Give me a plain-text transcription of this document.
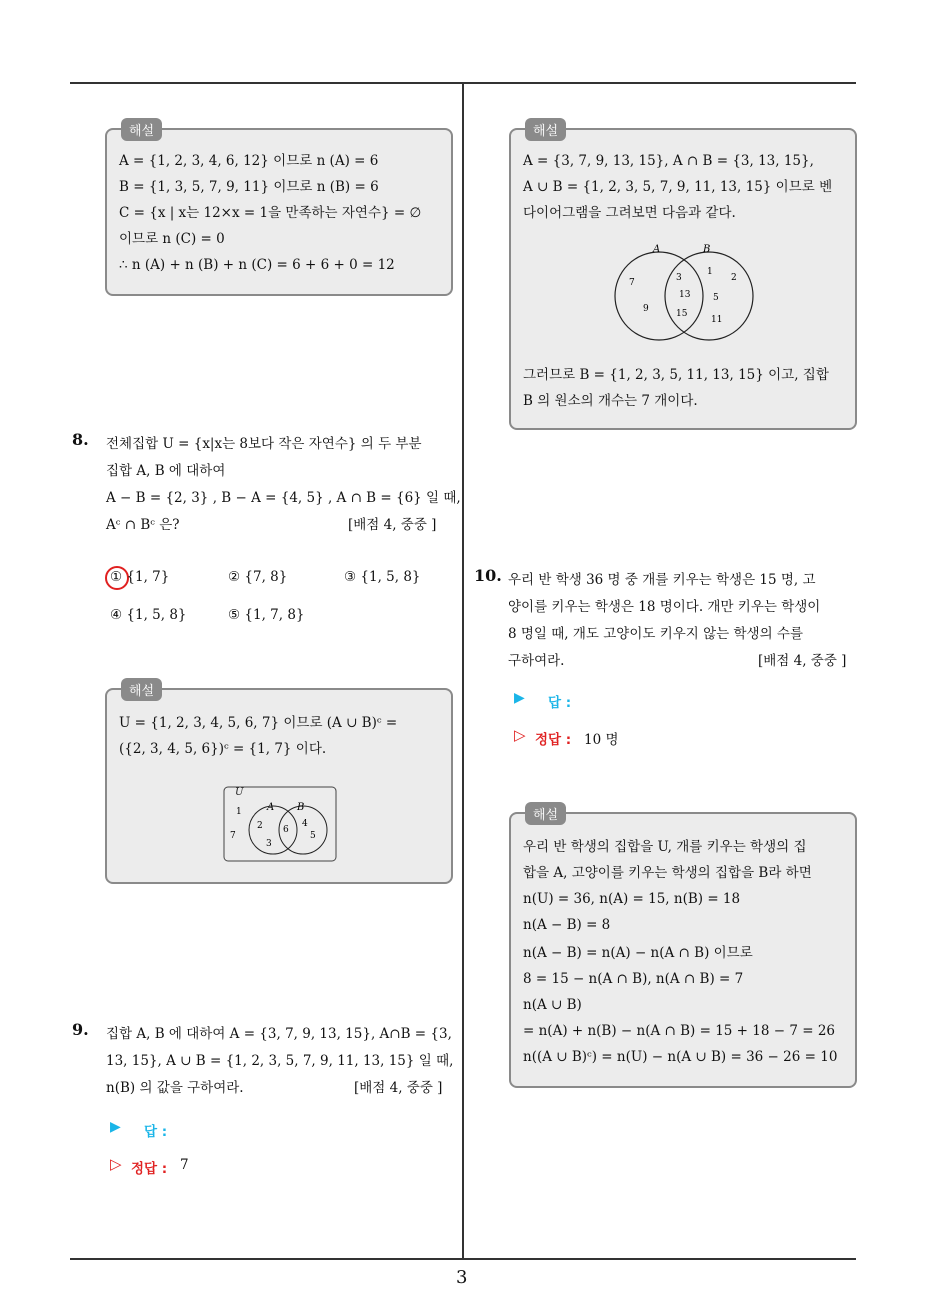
해설
A = {1, 2, 3, 4, 6, 12} 이므로 n (A) = 6
B = {1, 3, 5, 7, 9, 11} 이므로 n (B) = 6
C = {x | x는 12×x = 1을 만족하는 자연수} = ∅
이므로 n (C) = 0
∴ n (A) + n (B) + n (C) = 6 + 6 + 0 = 12
8. 전체집합 U = {x|x는 8보다 작은 자연수} 의 두 부분
집합 A, B 에 대하여
A − B = {2, 3} , B − A = {4, 5} , A ∩ B = {6} 일 때,
Aᶜ ∩ Bᶜ 은?	[배점 4, 중중 ]
① {1, 7}	② {7, 8}	③ {1, 5, 8}
④ {1, 5, 8}	⑤ {1, 7, 8}
해설
U = {1, 2, 3, 4, 5, 6, 7} 이므로 (A ∪ B)ᶜ =
({2, 3, 4, 5, 6})ᶜ = {1, 7} 이다.
U
A B
1
7
2
3
6
4
5
9. 집합 A, B 에 대하여 A = {3, 7, 9, 13, 15}, A∩B = {3,
13, 15}, A ∪ B = {1, 2, 3, 5, 7, 9, 11, 13, 15} 일 때,
n(B) 의 값을 구하여라.	[배점 4, 중중 ]
▶ 답 :
▷ 정답 : 7
해설
A = {3, 7, 9, 13, 15}, A ∩ B = {3, 13, 15},
A ∪ B = {1, 2, 3, 5, 7, 9, 11, 13, 15} 이므로 벤
다이어그램을 그려보면 다음과 같다.
A	B
7
9
3
13
15
1
2
5
11
그러므로 B = {1, 2, 3, 5, 11, 13, 15} 이고, 집합
B 의 원소의 개수는 7 개이다.
10. 우리 반 학생 36 명 중 개를 키우는 학생은 15 명, 고
양이를 키우는 학생은 18 명이다. 개만 키우는 학생이
8 명일 때, 개도 고양이도 키우지 않는 학생의 수를
구하여라.	[배점 4, 중중 ]
▶ 답 :
▷ 정답 : 10 명
해설
우리 반 학생의 집합을 U, 개를 키우는 학생의 집
합을 A, 고양이를 키우는 학생의 집합을 B라 하면
n(U) = 36, n(A) = 15, n(B) = 18
n(A − B) = 8
n(A − B) = n(A) − n(A ∩ B) 이므로
8 = 15 − n(A ∩ B), n(A ∩ B) = 7
n(A ∪ B)
= n(A) + n(B) − n(A ∩ B) = 15 + 18 − 7 = 26
n((A ∪ B)ᶜ) = n(U) − n(A ∪ B) = 36 − 26 = 10
3
